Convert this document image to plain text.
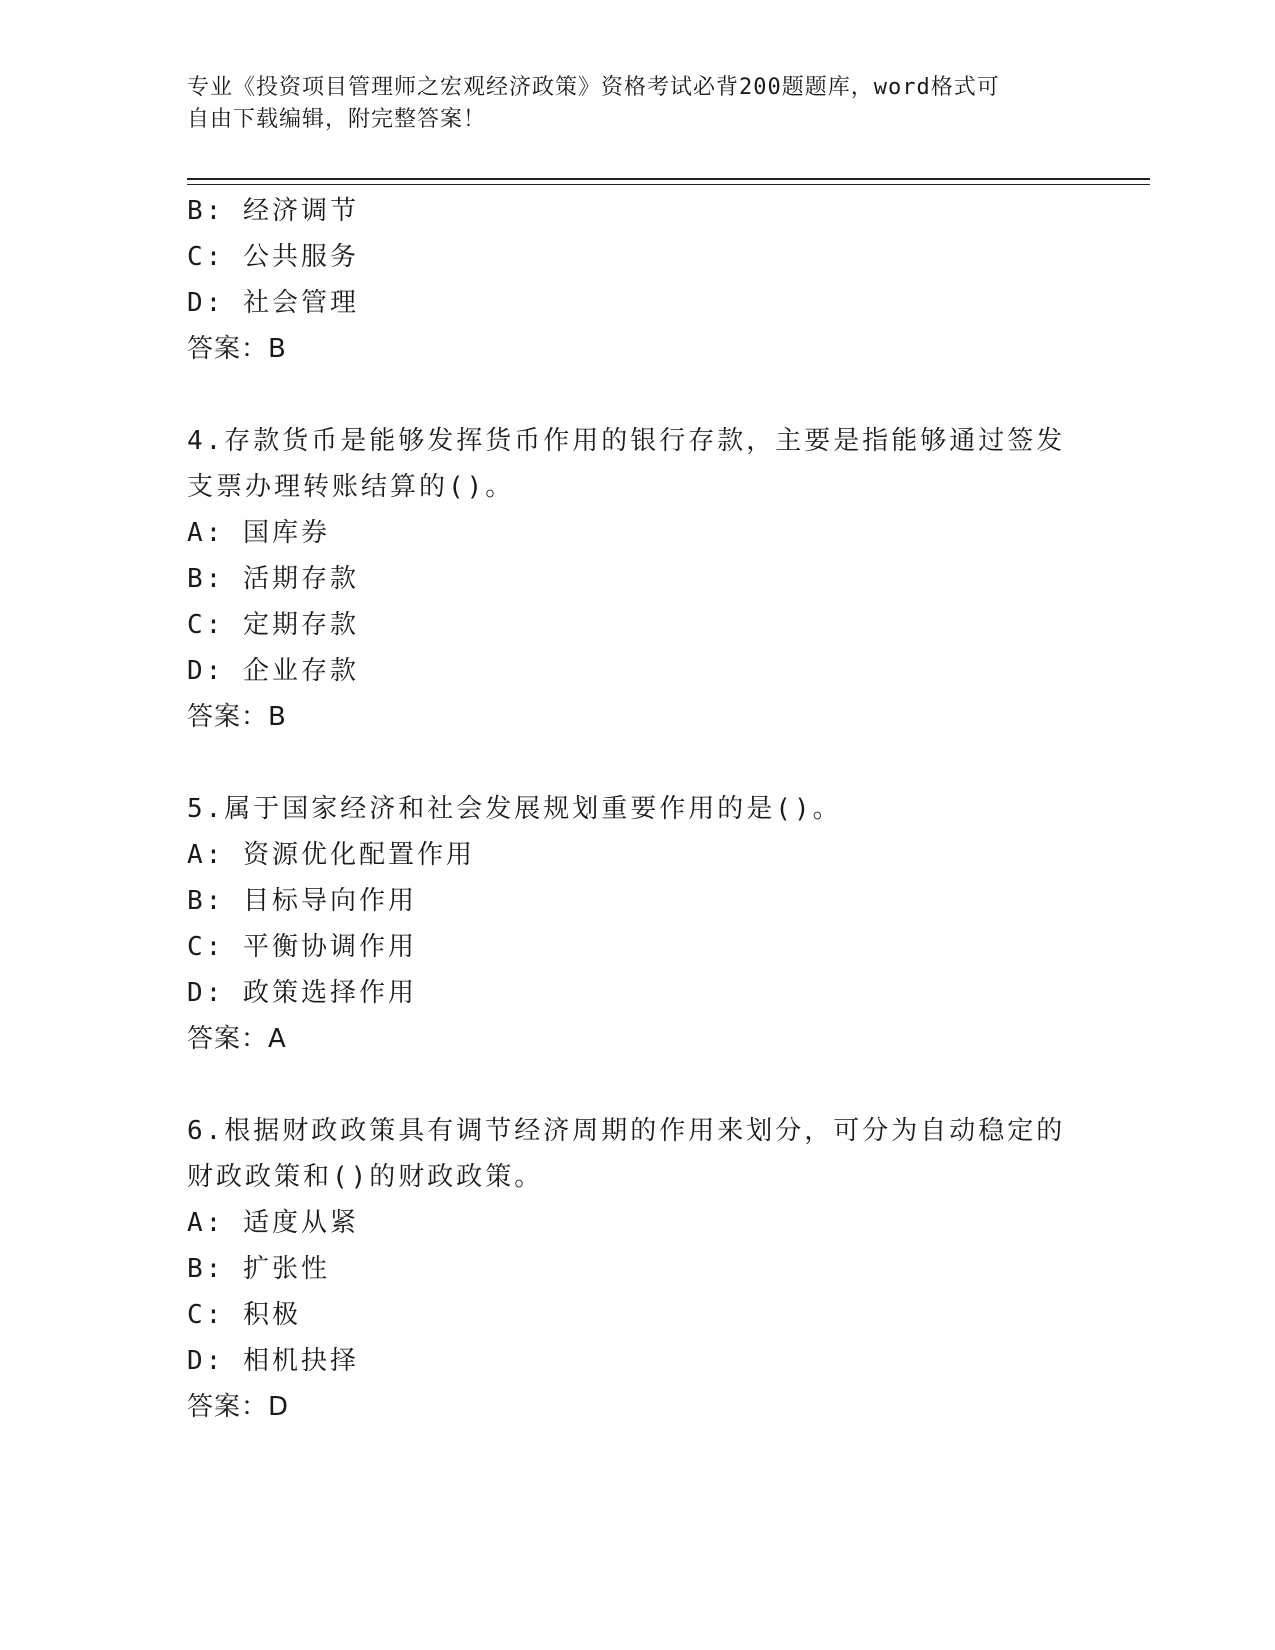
专业《投资项目管理师之宏观经济政策》资格考试必背200题题库，word格式可
自由下载编辑，附完整答案！
B: 经济调节
C: 公共服务
D: 社会管理
答案：B
4.存款货币是能够发挥货币作用的银行存款，主要是指能够通过签发
支票办理转账结算的()。
A: 国库券
B: 活期存款
C: 定期存款
D: 企业存款
答案：B
5.属于国家经济和社会发展规划重要作用的是()。
A: 资源优化配置作用
B: 目标导向作用
C: 平衡协调作用
D: 政策选择作用
答案：A
6.根据财政政策具有调节经济周期的作用来划分，可分为自动稳定的
财政政策和()的财政政策。
A: 适度从紧
B: 扩张性
C: 积极
D: 相机抉择
答案：D
